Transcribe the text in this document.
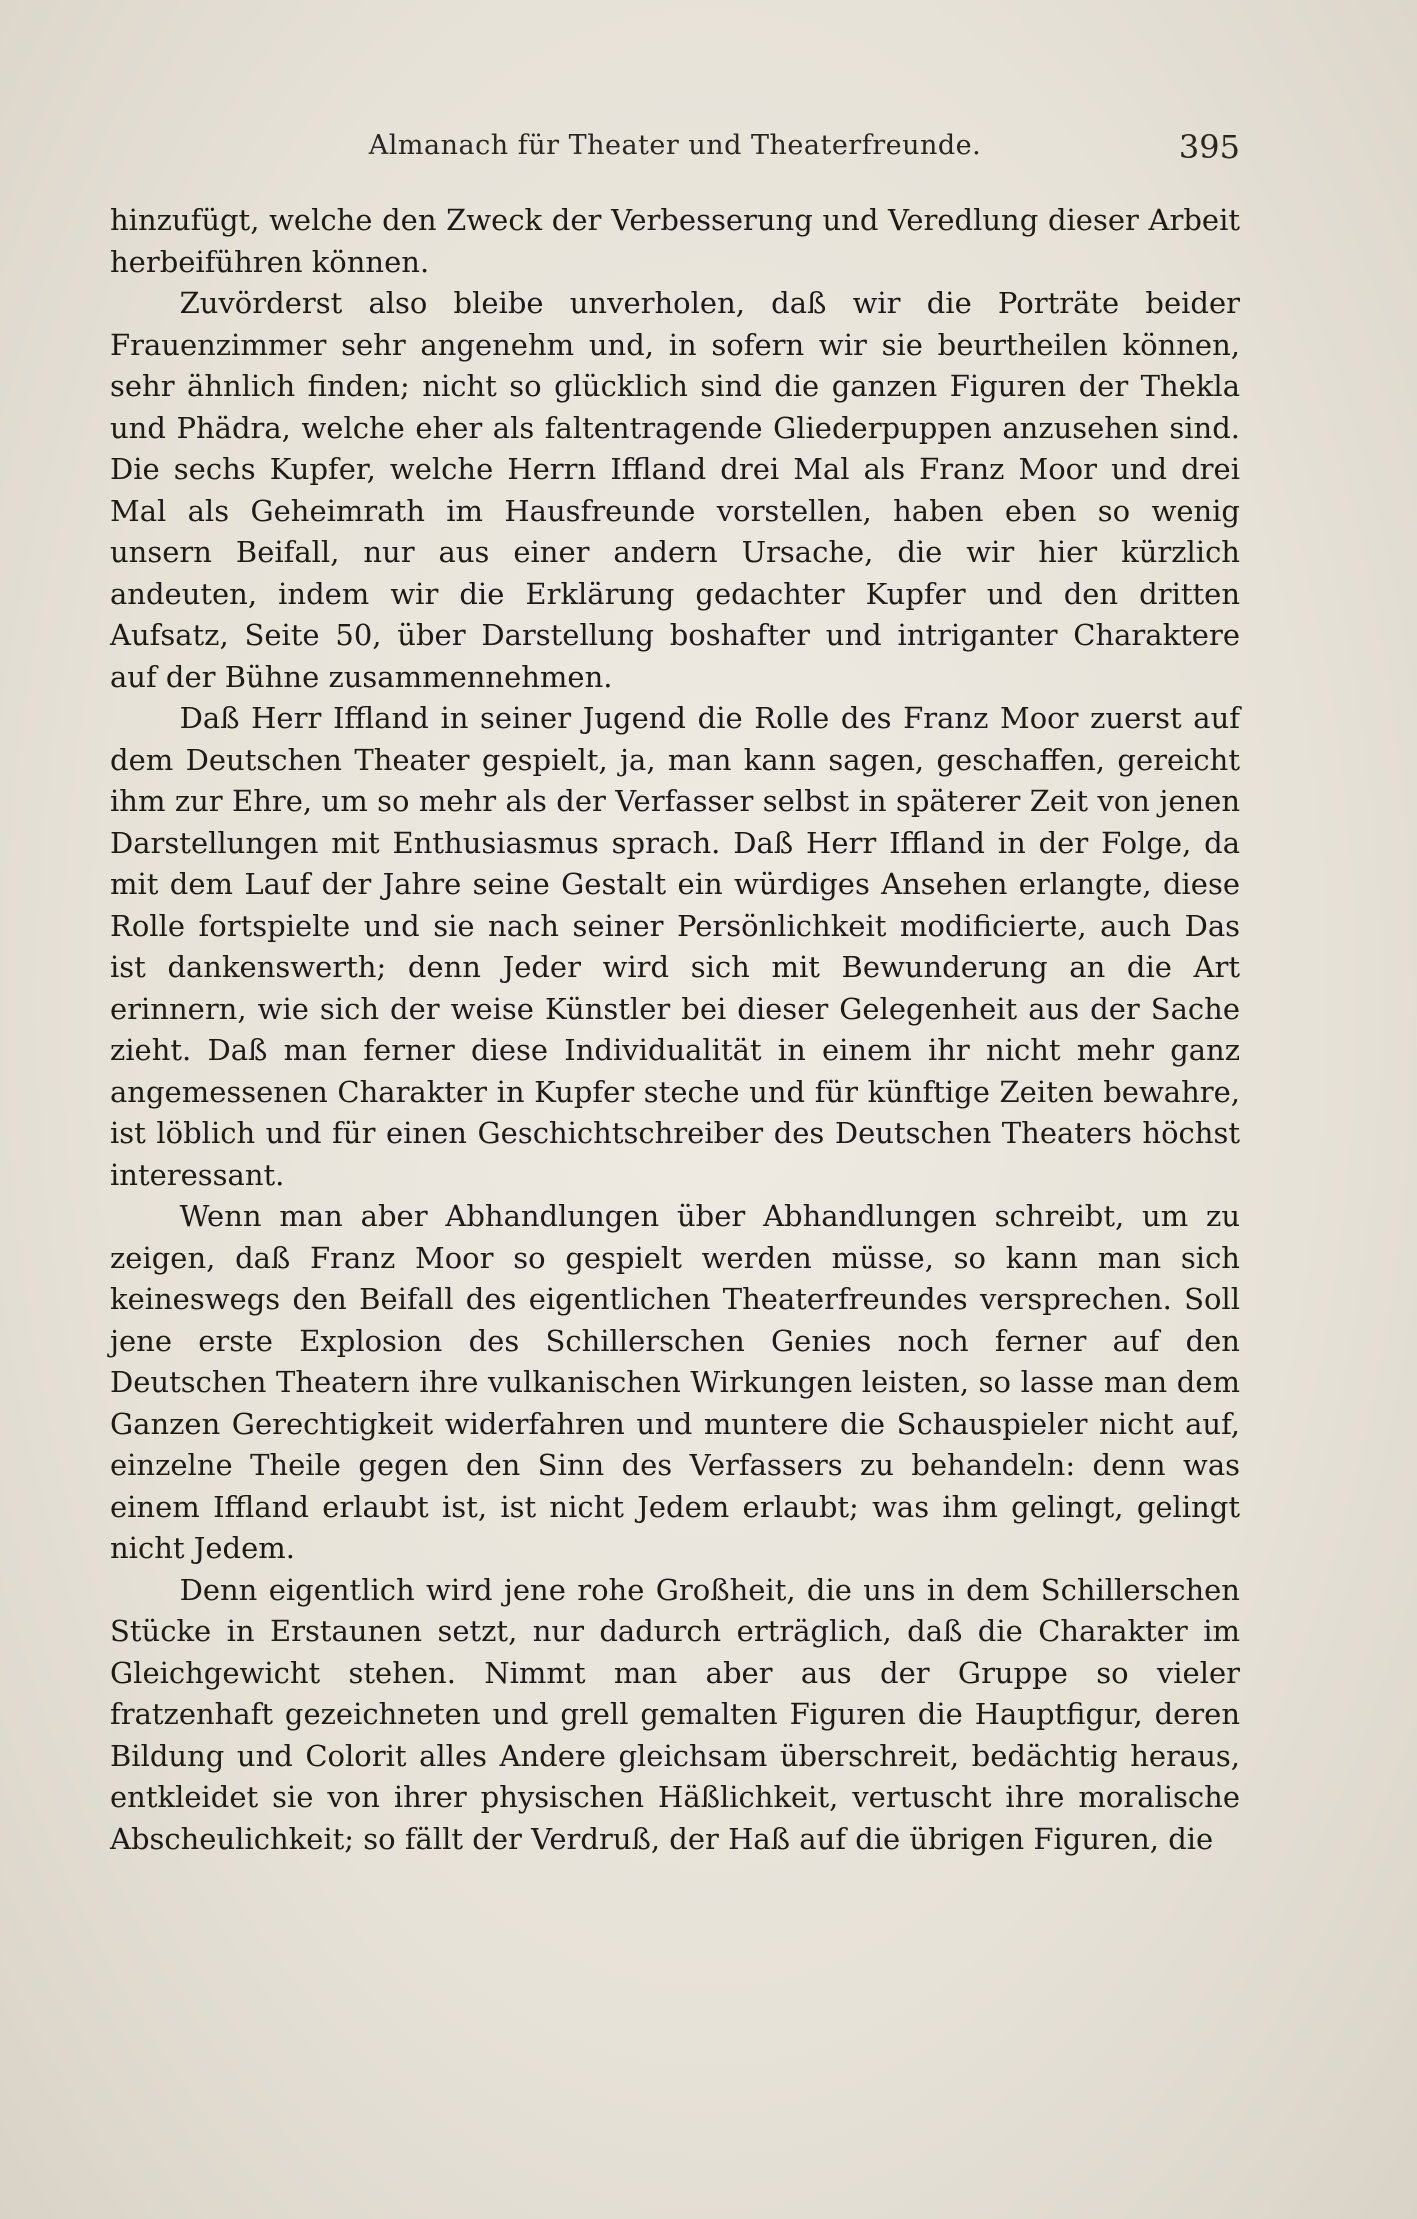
Almanach für Theater und Theaterfreunde.	395

hinzufügt, welche den Zweck der Verbesserung und Veredlung dieser Arbeit herbeiführen können.

Zuvörderst also bleibe unverholen, daß wir die Porträte beider Frauenzimmer sehr angenehm und, in sofern wir sie beurtheilen können, sehr ähnlich finden; nicht so glücklich sind die ganzen Figuren der Thekla und Phädra, welche eher als faltentragende Gliederpuppen anzusehen sind. Die sechs Kupfer, welche Herrn Iffland drei Mal als Franz Moor und drei Mal als Geheimrath im Hausfreunde vorstellen, haben eben so wenig unsern Beifall, nur aus einer andern Ursache, die wir hier kürzlich andeuten, indem wir die Erklärung gedachter Kupfer und den dritten Aufsatz, Seite 50, über Darstellung boshafter und intriganter Charaktere auf der Bühne zusammennehmen.

Daß Herr Iffland in seiner Jugend die Rolle des Franz Moor zuerst auf dem Deutschen Theater gespielt, ja, man kann sagen, geschaffen, gereicht ihm zur Ehre, um so mehr als der Verfasser selbst in späterer Zeit von jenen Darstellungen mit Enthusiasmus sprach. Daß Herr Iffland in der Folge, da mit dem Lauf der Jahre seine Gestalt ein würdiges Ansehen erlangte, diese Rolle fortspielte und sie nach seiner Persönlichkeit modificierte, auch Das ist dankenswerth; denn Jeder wird sich mit Bewunderung an die Art erinnern, wie sich der weise Künstler bei dieser Gelegenheit aus der Sache zieht. Daß man ferner diese Individualität in einem ihr nicht mehr ganz angemessenen Charakter in Kupfer steche und für künftige Zeiten bewahre, ist löblich und für einen Geschichtschreiber des Deutschen Theaters höchst interessant.

Wenn man aber Abhandlungen über Abhandlungen schreibt, um zu zeigen, daß Franz Moor so gespielt werden müsse, so kann man sich keineswegs den Beifall des eigentlichen Theaterfreundes versprechen. Soll jene erste Explosion des Schillerschen Genies noch ferner auf den Deutschen Theatern ihre vulkanischen Wirkungen leisten, so lasse man dem Ganzen Gerechtigkeit widerfahren und muntere die Schauspieler nicht auf, einzelne Theile gegen den Sinn des Verfassers zu behandeln: denn was einem Iffland erlaubt ist, ist nicht Jedem erlaubt; was ihm gelingt, gelingt nicht Jedem.

Denn eigentlich wird jene rohe Großheit, die uns in dem Schillerschen Stücke in Erstaunen setzt, nur dadurch erträglich, daß die Charakter im Gleichgewicht stehen. Nimmt man aber aus der Gruppe so vieler fratzenhaft gezeichneten und grell gemalten Figuren die Hauptfigur, deren Bildung und Colorit alles Andere gleichsam überschreit, bedächtig heraus, entkleidet sie von ihrer physischen Häßlichkeit, vertuscht ihre moralische Abscheulichkeit; so fällt der Verdruß, der Haß auf die übrigen Figuren, die
